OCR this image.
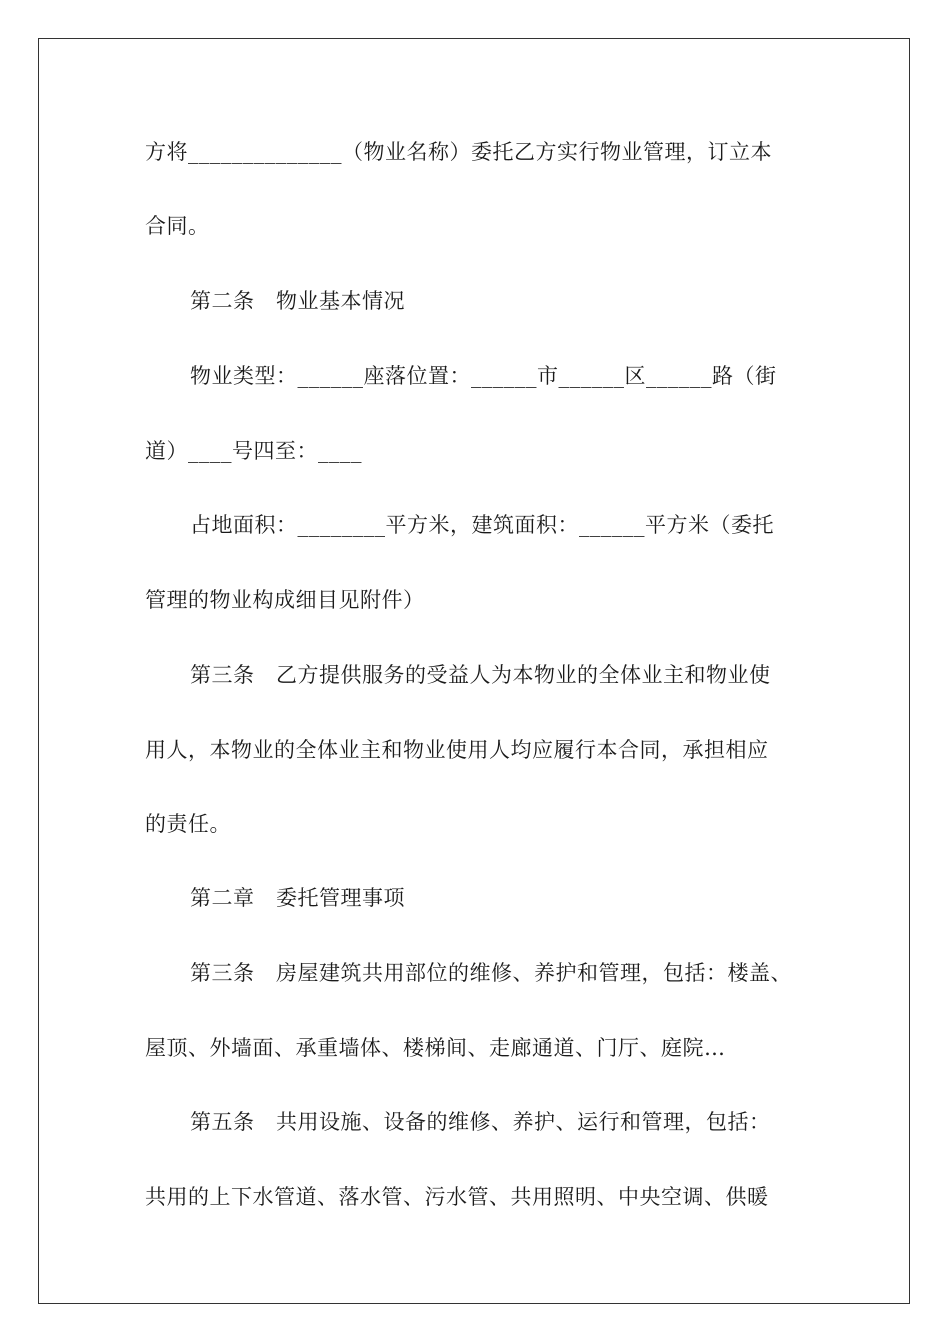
方将______________（物业名称）委托乙方实行物业管理，订立本
合同。
第二条　物业基本情况
物业类型：______座落位置：______市______区______路（街
道）____号四至：____
占地面积：________平方米，建筑面积：______平方米（委托
管理的物业构成细目见附件）
第三条　乙方提供服务的受益人为本物业的全体业主和物业使
用人，本物业的全体业主和物业使用人均应履行本合同，承担相应
的责任。
第二章　委托管理事项
第三条　房屋建筑共用部位的维修、养护和管理，包括：楼盖、
屋顶、外墙面、承重墙体、楼梯间、走廊通道、门厅、庭院…
第五条　共用设施、设备的维修、养护、运行和管理，包括：
共用的上下水管道、落水管、污水管、共用照明、中央空调、供暖
